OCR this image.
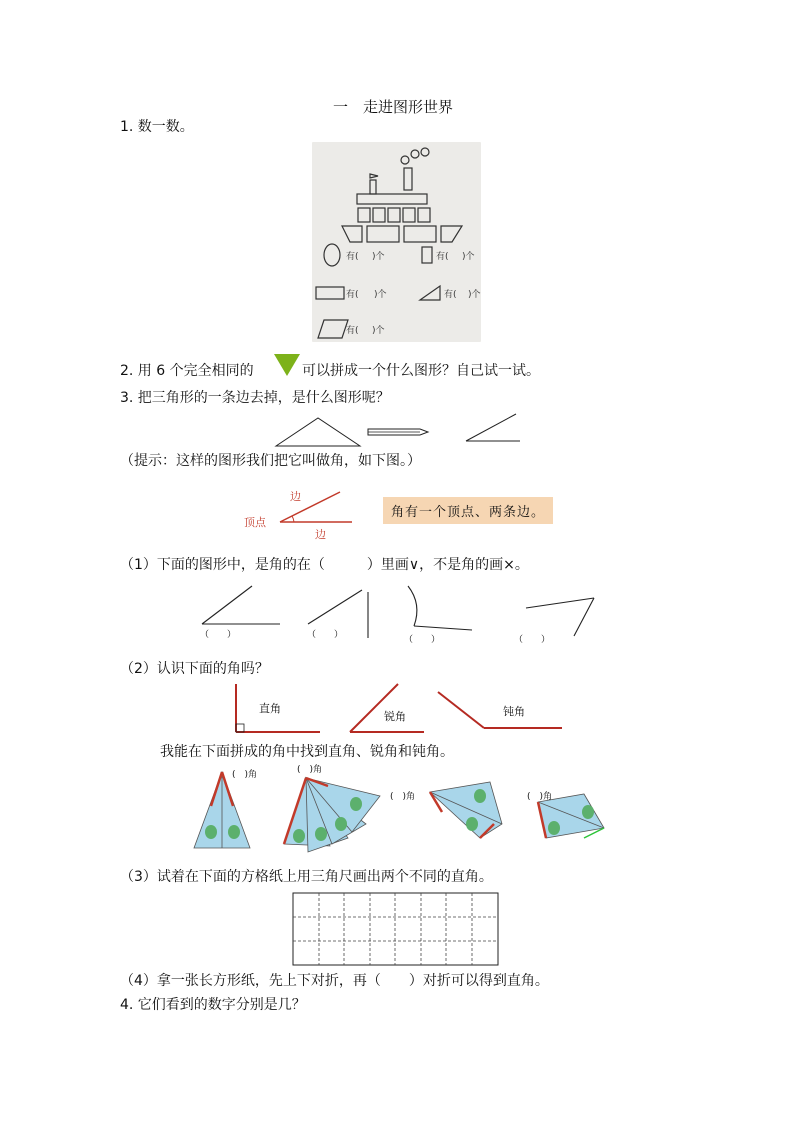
一　走进图形世界
1. 数一数。
有( )个	有( )个
有( )个	有( )个
有( )个
2. 用 6 个完全相同的	可以拼成一个什么图形？自己试一试。
3. 把三角形的一条边去掉，是什么图形呢？
（提示：这样的图形我们把它叫做角，如下图。）
边
边
顶点
角有一个顶点、两条边。
（1）下面的图形中，是角的在（　　　）里画∨，不是角的画×。
（　　）	（　　）	（　　）	（　　）
（2）认识下面的角吗？
直角
锐角	钝角
我能在下面拼成的角中找到直角、锐角和钝角。
(　)角	(　)角
(　)角	(　)角
（3）试着在下面的方格纸上用三角尺画出两个不同的直角。
（4）拿一张长方形纸，先上下对折，再（　　）对折可以得到直角。
4. 它们看到的数字分别是几？
